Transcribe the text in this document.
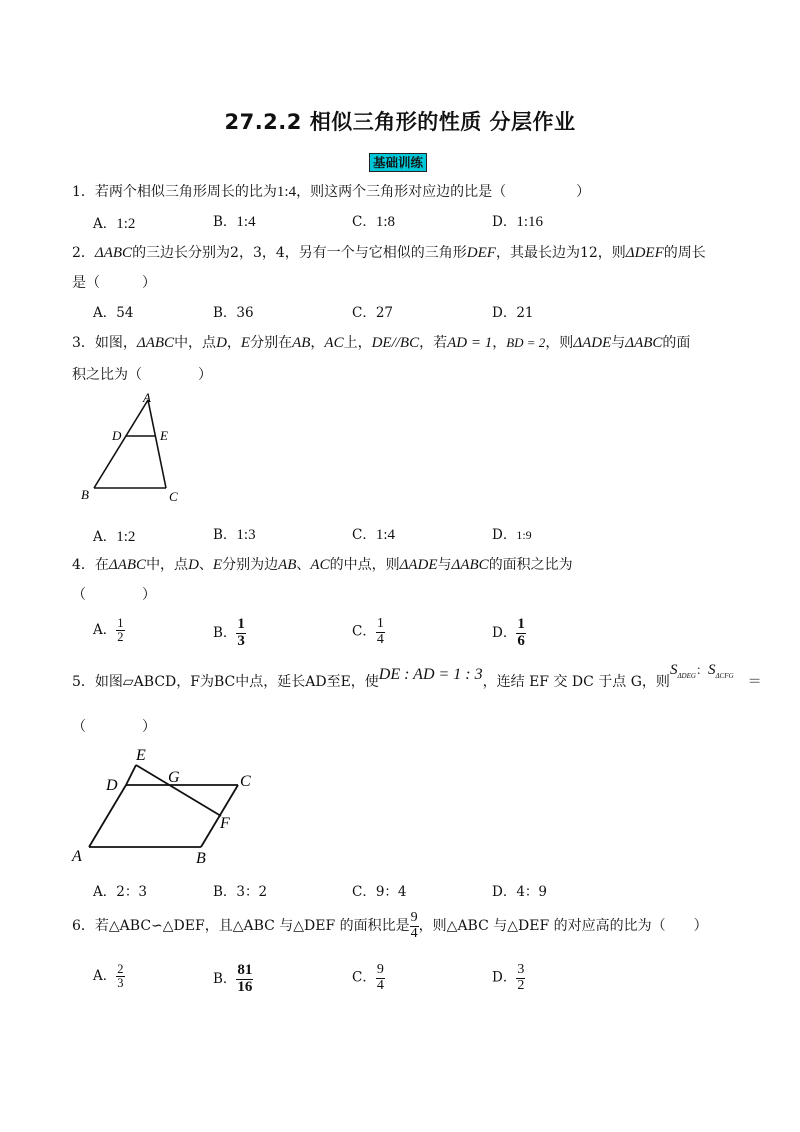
27.2.2 相似三角形的性质 分层作业
基础训练
1．若两个相似三角形周长的比为1:4，则这两个三角形对应边的比是（　　　　　）
A．1:2	B．1:4	C．1:8	D．1:16
2．ΔABC的三边长分别为2，3，4，另有一个与它相似的三角形DEF，其最长边为12，则ΔDEF的周长
是（　　　）
A．54	B．36	C．27	D．21
3．如图，ΔABC中，点D，E分别在AB，AC上，DE//BC，若AD = 1，BD = 2，则ΔADE与ΔABC的面
积之比为（　　　　）
A
D	E
B	C
A．1:2	B．1:3	C．1:4	D．1:9
4．在ΔABC中，点D、E分别为边AB、AC的中点，则ΔADE与ΔABC的面积之比为
（　　　　）
A． $\frac{1}{2}$	B． $\frac{1}{3}$	C． $\frac{1}{4}$	D． $\frac{1}{6}$
5．如图▱ABCD，F为BC中点，延长AD至E，使DE : AD = 1 : 3，连结 EF 交 DC 于点 G，则$S_{\Delta DEG}$：$S_{\Delta CFG}$ ＝
（　　　　）
E
D	G	C
F
A	B
A．2：3	B．3：2	C．9：4	D．4：9
6．若△ABC∽△DEF，且△ABC 与△DEF 的面积比是 $\frac{9}{4}$ ，则△ABC 与△DEF 的对应高的比为（　　）
A． $\frac{2}{3}$	B． $\frac{81}{16}$	C． $\frac{9}{4}$	D． $\frac{3}{2}$
